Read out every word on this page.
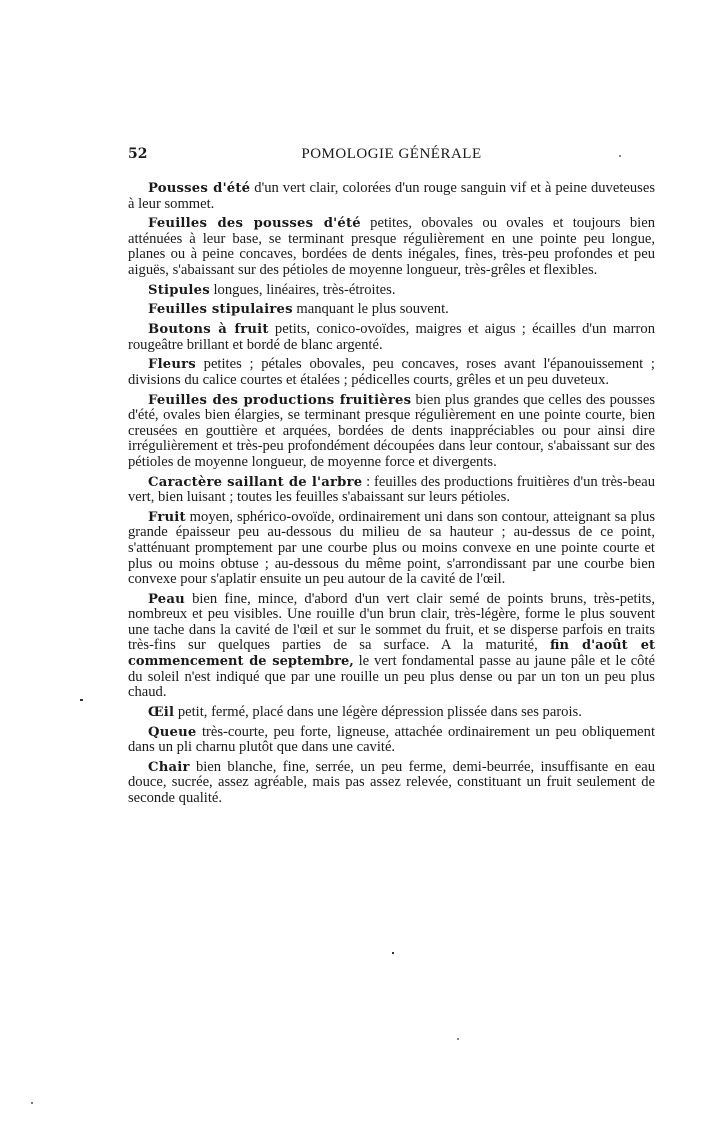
52	POMOLOGIE GÉNÉRALE

Pousses d'été d'un vert clair, colorées d'un rouge sanguin vif et à peine duveteuses à leur sommet.

Feuilles des pousses d'été petites, obovales ou ovales et toujours bien atténuées à leur base, se terminant presque régulièrement en une pointe peu longue, planes ou à peine concaves, bordées de dents inégales, fines, très-peu profondes et peu aiguës, s'abaissant sur des pétioles de moyenne longueur, très-grêles et flexibles.

Stipules longues, linéaires, très-étroites.

Feuilles stipulaires manquant le plus souvent.

Boutons à fruit petits, conico-ovoïdes, maigres et aigus ; écailles d'un marron rougeâtre brillant et bordé de blanc argenté.

Fleurs petites ; pétales obovales, peu concaves, roses avant l'épanouissement ; divisions du calice courtes et étalées ; pédicelles courts, grêles et un peu duveteux.

Feuilles des productions fruitières bien plus grandes que celles des pousses d'été, ovales bien élargies, se terminant presque régulièrement en une pointe courte, bien creusées en gouttière et arquées, bordées de dents inappréciables ou pour ainsi dire irrégulièrement et très-peu profondément découpées dans leur contour, s'abaissant sur des pétioles de moyenne longueur, de moyenne force et divergents.

Caractère saillant de l'arbre : feuilles des productions fruitières d'un très-beau vert, bien luisant ; toutes les feuilles s'abaissant sur leurs pétioles.

Fruit moyen, sphérico-ovoïde, ordinairement uni dans son contour, atteignant sa plus grande épaisseur peu au-dessous du milieu de sa hauteur ; au-dessus de ce point, s'atténuant promptement par une courbe plus ou moins convexe en une pointe courte et plus ou moins obtuse ; au-dessous du même point, s'arrondissant par une courbe bien convexe pour s'aplatir ensuite un peu autour de la cavité de l'œil.

Peau bien fine, mince, d'abord d'un vert clair semé de points bruns, très-petits, nombreux et peu visibles. Une rouille d'un brun clair, très-légère, forme le plus souvent une tache dans la cavité de l'œil et sur le sommet du fruit, et se disperse parfois en traits très-fins sur quelques parties de sa surface. A la maturité, fin d'août et commencement de septembre, le vert fondamental passe au jaune pâle et le côté du soleil n'est indiqué que par une rouille un peu plus dense ou par un ton un peu plus chaud.

Œil petit, fermé, placé dans une légère dépression plissée dans ses parois.

Queue très-courte, peu forte, ligneuse, attachée ordinairement un peu obliquement dans un pli charnu plutôt que dans une cavité.

Chair bien blanche, fine, serrée, un peu ferme, demi-beurrée, insuffisante en eau douce, sucrée, assez agréable, mais pas assez relevée, constituant un fruit seulement de seconde qualité.
